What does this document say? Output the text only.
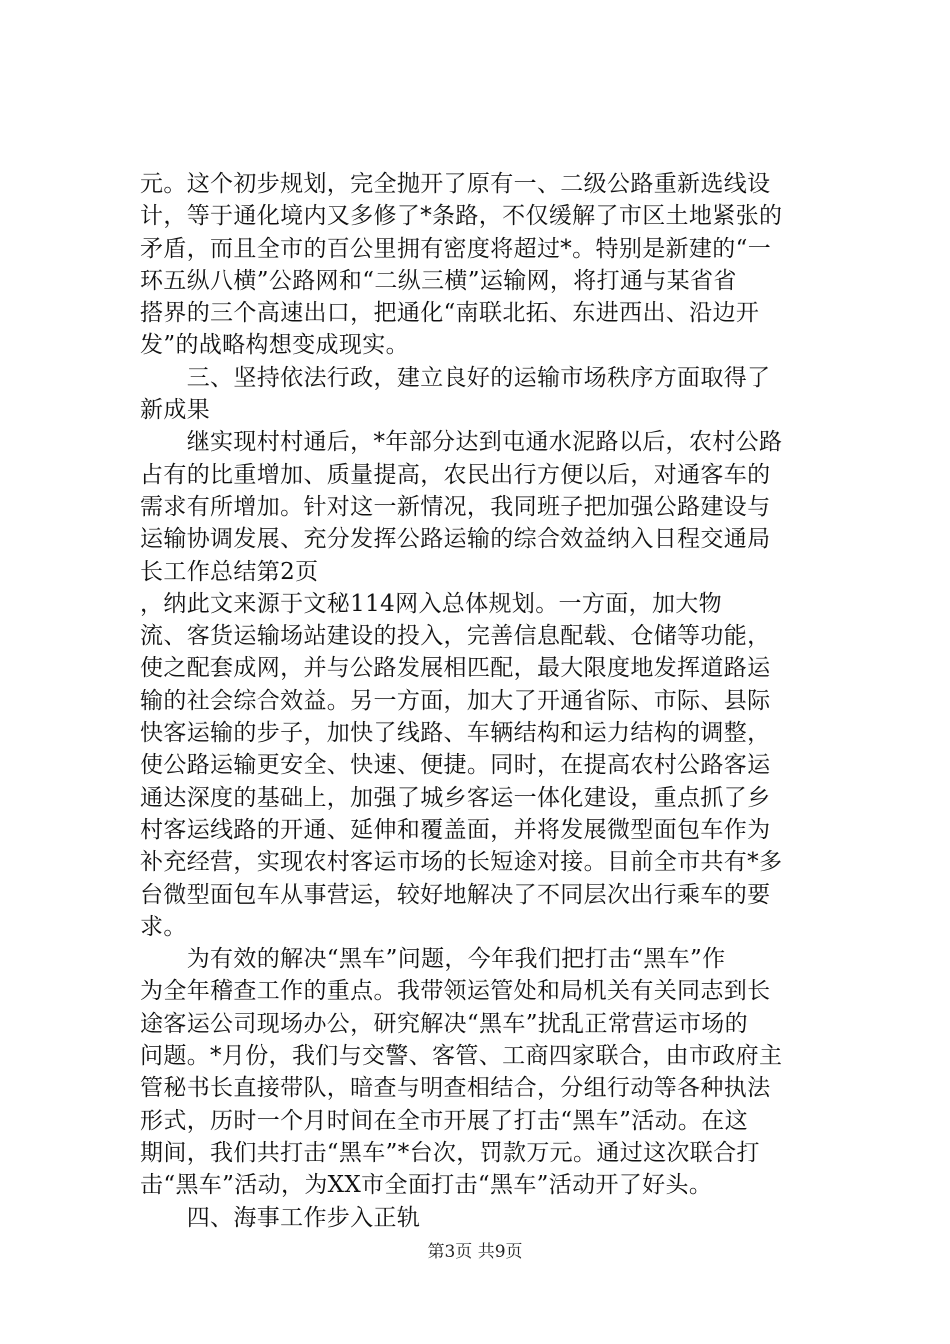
元。这个初步规划，完全抛开了原有一、二级公路重新选线设
计，等于通化境内又多修了*条路，不仅缓解了市区土地紧张的
矛盾，而且全市的百公里拥有密度将超过*。特别是新建的“一
环五纵八横”公路网和“二纵三横”运输网，将打通与某省省
搭界的三个高速出口，把通化“南联北拓、东进西出、沿边开
发”的战略构想变成现实。
　　三、坚持依法行政，建立良好的运输市场秩序方面取得了
新成果
　　继实现村村通后，*年部分达到屯通水泥路以后，农村公路
占有的比重增加、质量提高，农民出行方便以后，对通客车的
需求有所增加。针对这一新情况，我同班子把加强公路建设与
运输协调发展、充分发挥公路运输的综合效益纳入日程交通局
长工作总结第2页
，纳此文来源于文秘114网入总体规划。一方面，加大物
流、客货运输场站建设的投入，完善信息配载、仓储等功能，
使之配套成网，并与公路发展相匹配，最大限度地发挥道路运
输的社会综合效益。另一方面，加大了开通省际、市际、县际
快客运输的步子，加快了线路、车辆结构和运力结构的调整，
使公路运输更安全、快速、便捷。同时，在提高农村公路客运
通达深度的基础上，加强了城乡客运一体化建设，重点抓了乡
村客运线路的开通、延伸和覆盖面，并将发展微型面包车作为
补充经营，实现农村客运市场的长短途对接。目前全市共有*多
台微型面包车从事营运，较好地解决了不同层次出行乘车的要
求。
　　为有效的解决“黑车”问题，今年我们把打击“黑车”作
为全年稽查工作的重点。我带领运管处和局机关有关同志到长
途客运公司现场办公，研究解决“黑车”扰乱正常营运市场的
问题。*月份，我们与交警、客管、工商四家联合，由市政府主
管秘书长直接带队，暗查与明查相结合，分组行动等各种执法
形式，历时一个月时间在全市开展了打击“黑车”活动。在这
期间，我们共打击“黑车”*台次，罚款万元。通过这次联合打
击“黑车”活动，为XX市全面打击“黑车”活动开了好头。
　　四、海事工作步入正轨
第3页 共9页
